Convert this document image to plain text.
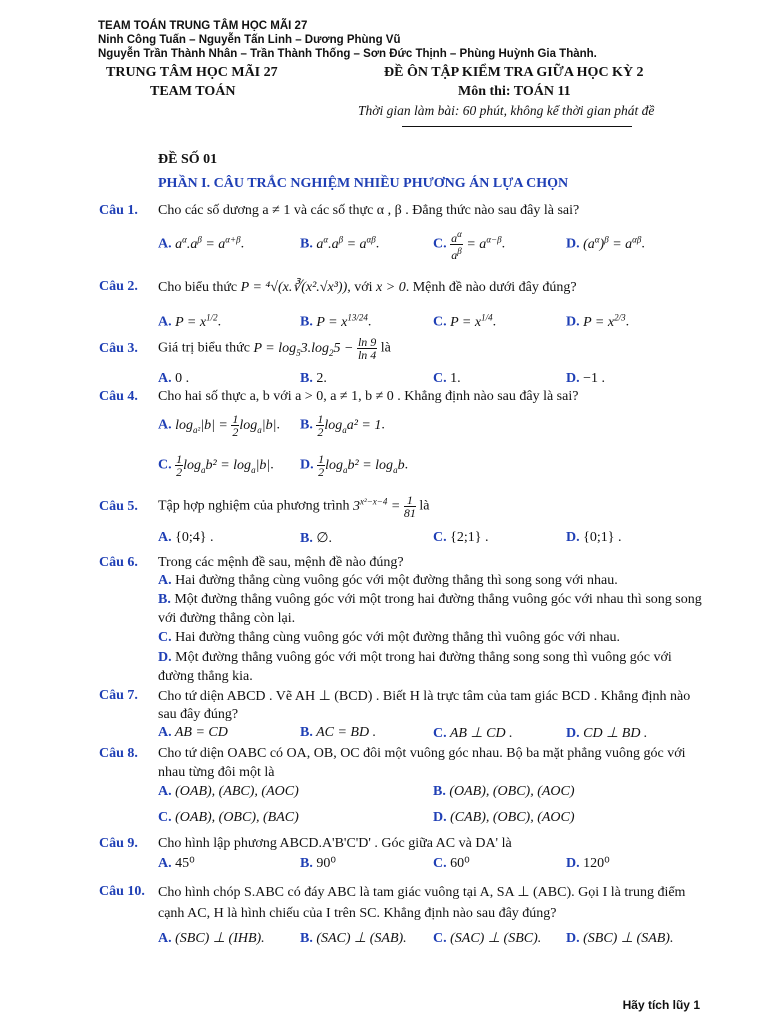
TEAM TOÁN TRUNG TÂM HỌC MÃI 27
Ninh Công Tuấn – Nguyễn Tấn Linh – Dương Phùng Vũ
Nguyễn Trần Thành Nhân – Trần Thành Thống – Sơn Đức Thịnh – Phùng Huỳnh Gia Thành.
TRUNG TÂM HỌC MÃI 27
TEAM TOÁN
ĐỀ ÔN TẬP KIỂM TRA GIỮA HỌC KỲ 2
Môn thi: TOÁN 11
Thời gian làm bài: 60 phút, không kể thời gian phát đề
ĐỀ SỐ 01
PHẦN I. CÂU TRẮC NGHIỆM NHIỀU PHƯƠNG ÁN LỰA CHỌN
Câu 1. Cho các số dương a ≠ 1 và các số thực α , β . Đẳng thức nào sau đây là sai?
A. $a^\alpha.a^\beta = a^{\alpha+\beta}$.	B. $a^\alpha.a^\beta = a^{\alpha\beta}$.	C. $\frac{a^\alpha}{a^\beta} = a^{\alpha-\beta}$.	D. $(a^\alpha)^\beta = a^{\alpha\beta}$.
Câu 2. Cho biểu thức P = ⁴√(x.∛(x².√x³)), với x > 0. Mệnh đề nào dưới đây đúng?
A. $P = x^{1/2}$.	B. $P = x^{13/24}$.	C. $P = x^{1/4}$.	D. $P = x^{2/3}$.
Câu 3. Giá trị biểu thức $P = \log_53.\log_25 - \frac{\ln 9}{\ln 4}$ là
A. 0 .	B. 2.	C. 1.	D. −1 .
Câu 4. Cho hai số thực a, b với a > 0, a ≠ 1, b ≠ 0 . Khẳng định nào sau đây là sai?
A. $\log_{a^2}|b| = \frac{1}{2} \log_a|b|$. B. $\frac{1}{2} \log_aa^2 = 1$.
C. $\frac{1}{2} \log_ab^2 = \log_a|b|$. D. $\frac{1}{2} \log_ab^2 = \log_ab$.
Câu 5. Tập hợp nghiệm của phương trình $3^{x^2-x-4} = \frac{1}{81}$ là
A. {0;4} .	B. ∅.	C. {2;1} .	D. {0;1} .
Câu 6. Trong các mệnh đề sau, mệnh đề nào đúng?
A. Hai đường thẳng cùng vuông góc với một đường thẳng thì song song với nhau.
B. Một đường thẳng vuông góc với một trong hai đường thẳng vuông góc với nhau thì song song
với đường thẳng còn lại.
C. Hai đường thẳng cùng vuông góc với một đường thẳng thì vuông góc với nhau.
D. Một đường thẳng vuông góc với một trong hai đường thẳng song song thì vuông góc với
đường thẳng kia.
Câu 7. Cho tứ diện ABCD . Vẽ AH ⊥ (BCD) . Biết H là trực tâm của tam giác BCD . Khẳng định nào
sau đây đúng?
A. AB = CD	B. AC = BD .	C. AB ⊥ CD .	D. CD ⊥ BD .
Câu 8. Cho tứ diện OABC có OA, OB, OC đôi một vuông góc nhau. Bộ ba mặt phẳng vuông góc với
nhau từng đôi một là
A. (OAB), (ABC), (AOC)	B. (OAB), (OBC), (AOC)
C. (OAB), (OBC), (BAC)	D. (CAB), (OBC), (AOC)
Câu 9. Cho hình lập phương ABCD.A'B'C'D' . Góc giữa AC và DA' là
A. 45⁰	B. 90⁰	C. 60⁰	D. 120⁰
Câu 10. Cho hình chóp S.ABC có đáy ABC là tam giác vuông tại A, SA ⊥ (ABC). Gọi I là trung điểm
cạnh AC, H là hình chiếu của I trên SC. Khẳng định nào sau đây đúng?
A. (SBC) ⊥ (IHB).	B. (SAC) ⊥ (SAB). C. (SAC) ⊥ (SBC). D. (SBC) ⊥ (SAB).
Hãy tích lũy 1
